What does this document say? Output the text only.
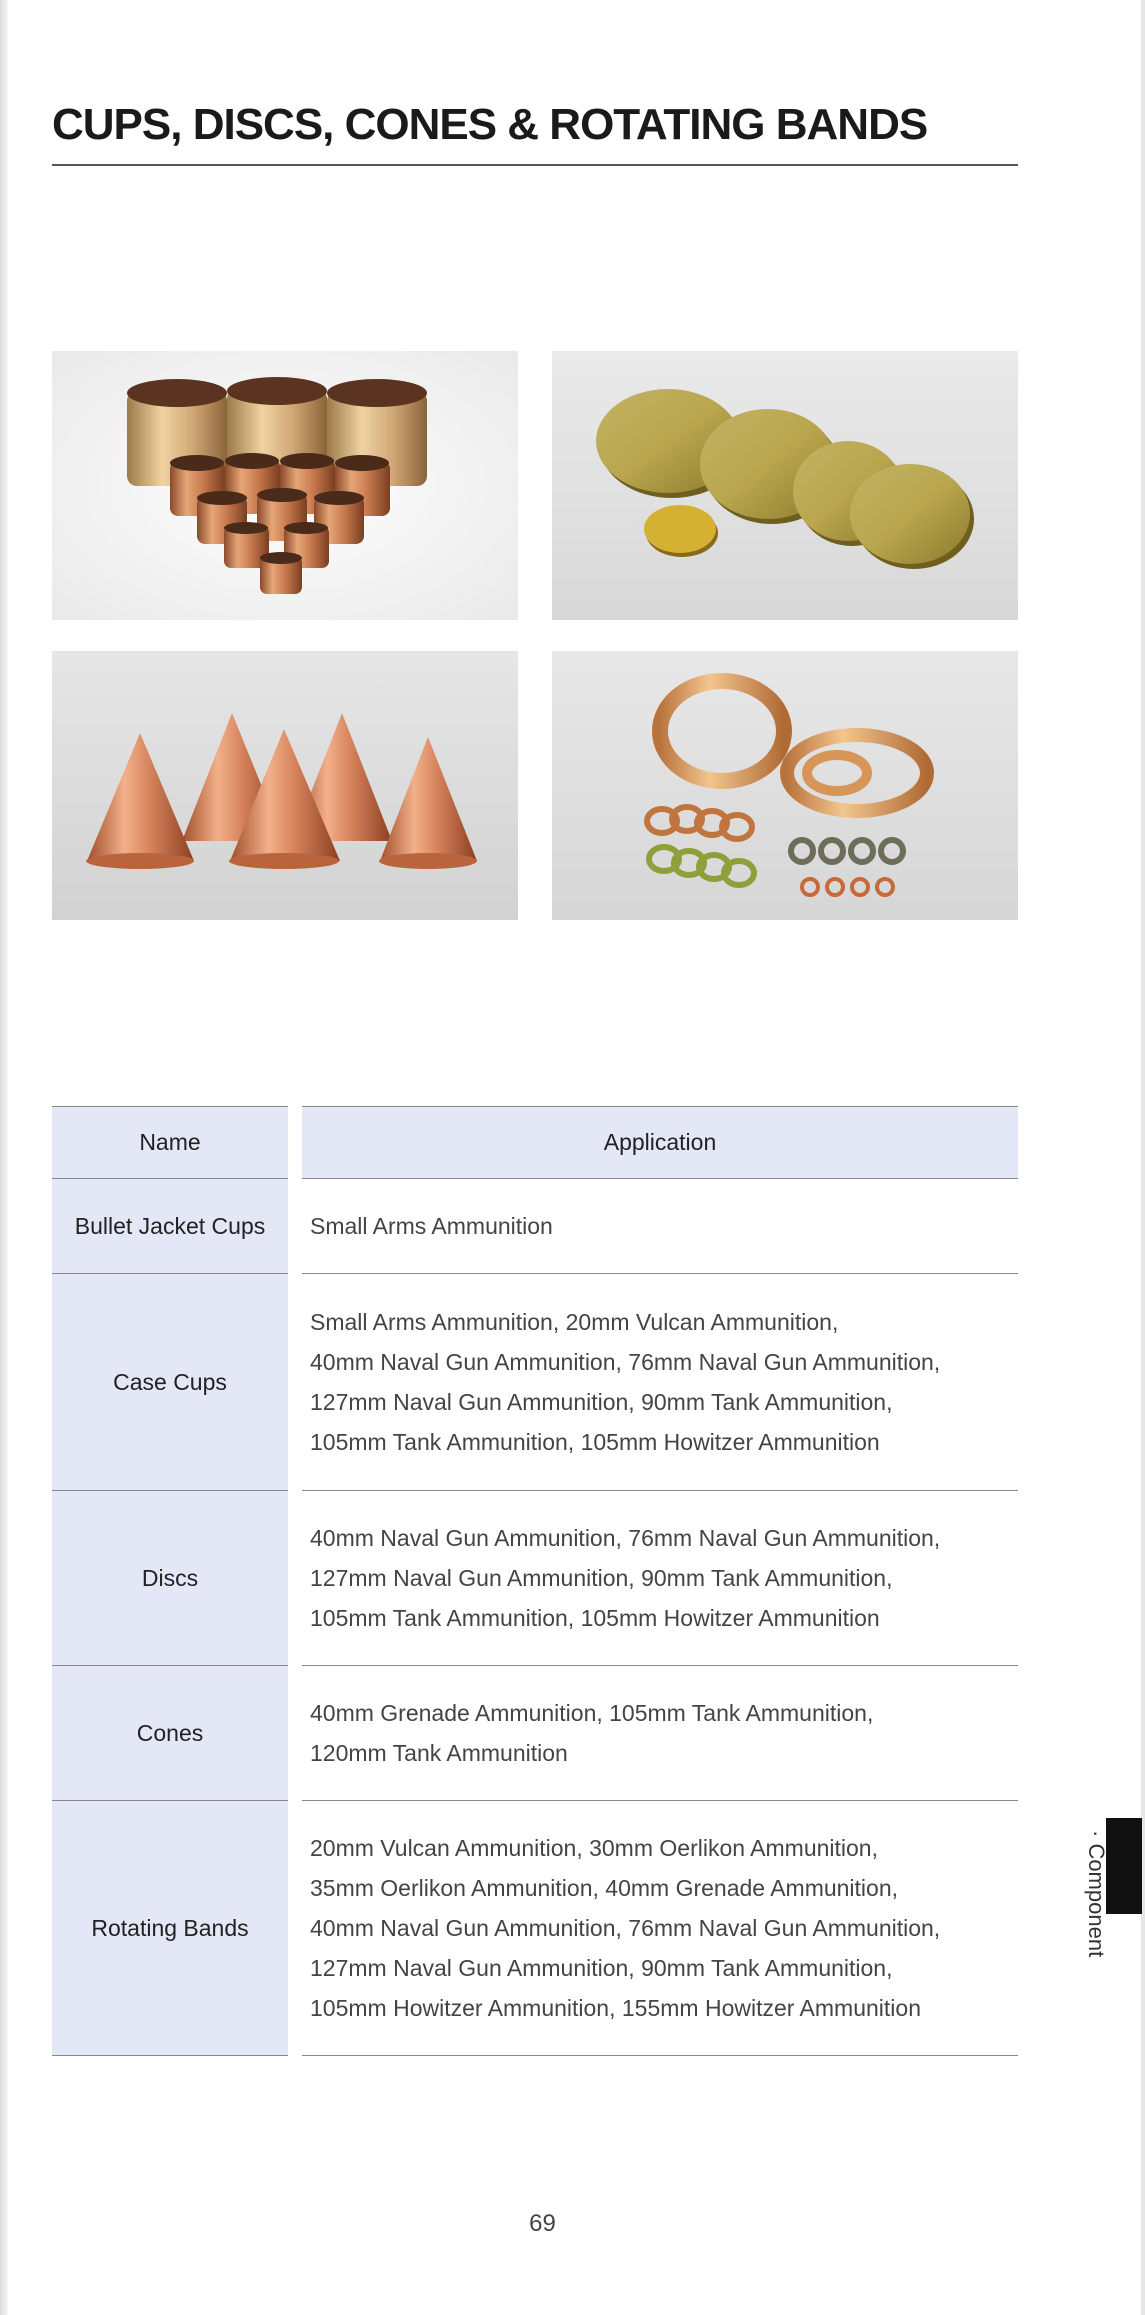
CUPS, DISCS, CONES & ROTATING BANDS
Name	Application
Bullet Jacket Cups	Small Arms Ammunition
Case Cups
Small Arms Ammunition, 20mm Vulcan Ammunition,
40mm Naval Gun Ammunition, 76mm Naval Gun Ammunition,
127mm Naval Gun Ammunition, 90mm Tank Ammunition,
105mm Tank Ammunition, 105mm Howitzer Ammunition
Discs
40mm Naval Gun Ammunition, 76mm Naval Gun Ammunition,
127mm Naval Gun Ammunition, 90mm Tank Ammunition,
105mm Tank Ammunition, 105mm Howitzer Ammunition
Cones
40mm Grenade Ammunition, 105mm Tank Ammunition,
120mm Tank Ammunition
Rotating Bands
20mm Vulcan Ammunition, 30mm Oerlikon Ammunition,
35mm Oerlikon Ammunition, 40mm Grenade Ammunition,
40mm Naval Gun Ammunition, 76mm Naval Gun Ammunition,
127mm Naval Gun Ammunition, 90mm Tank Ammunition,
105mm Howitzer Ammunition, 155mm Howitzer Ammunition
· Component
69
